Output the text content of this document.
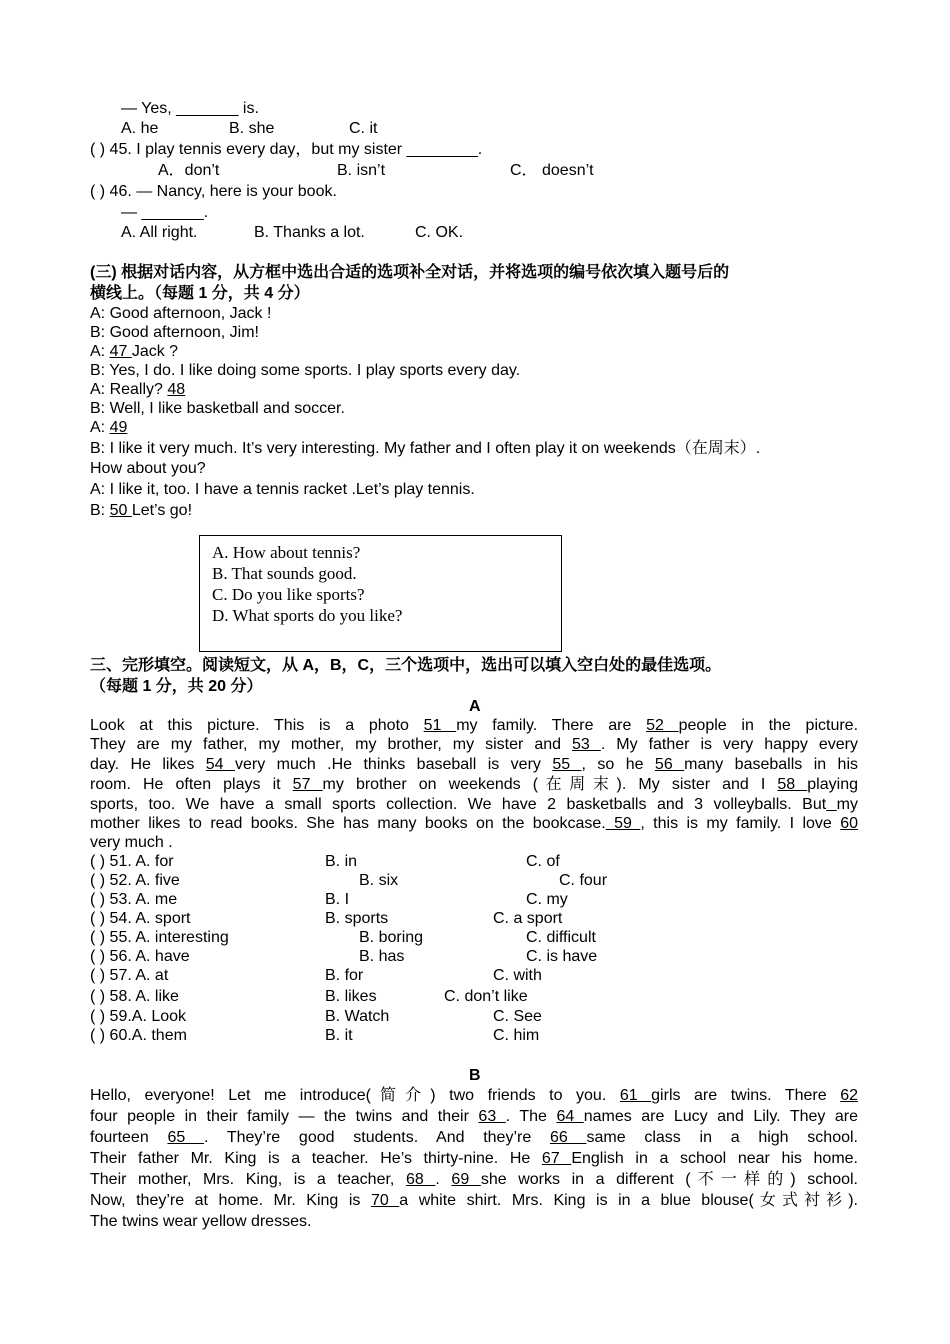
— Yes, _______ is.
A. he	B. she	C. it
( ) 45. I play tennis every day，but my sister ________.
A．don’t	B. isn’t	C． doesn’t
( ) 46. — Nancy, here is your book.
— _______.
A. All right.	B. Thanks a lot.	C. OK.
(三) 根据对话内容，从方框中选出合适的选项补全对话，并将选项的编号依次填入题号后的
横线上。（每题 1 分，共 4 分）
A: Good afternoon, Jack !
B: Good afternoon, Jim!
A: 47 Jack ?
B: Yes, I do. I like doing some sports. I play sports every day.
A: Really? 48
B: Well, I like basketball and soccer.
A: 49
B: I like it very much. It’s very interesting. My father and I often play it on weekends（在周末）.
How about you?
A: I like it, too. I have a tennis racket .Let’s play tennis.
B: 50 Let’s go!
A. How about tennis?
B. That sounds good.
C. Do you like sports?
D. What sports do you like?
三、完形填空。阅读短文，从 A，B，C，三个选项中，选出可以填入空白处的最佳选项。
（每题 1 分，共 20 分）
A
Look at this picture. This is a photo 51 my family. There are 52 people in the picture.
They are my father, my mother, my brother, my sister and 53 . My father is very happy every
day. He likes 54 very much .He thinks baseball is very 55 , so he 56 many baseballs in his
room. He often plays it 57 my brother on weekends (在周末). My sister and I 58 playing
sports, too. We have a small sports collection. We have 2 basketballs and 3 volleyballs. But my
mother likes to read books. She has many books on the bookcase. 59 , this is my family. I love 60
very much .
( ) 51. A. for	B. in	C. of
( ) 52. A. five	B. six	C. four
( ) 53. A. me	B. I	C. my
( ) 54. A. sport	B. sports	C. a sport
( ) 55. A. interesting	B. boring	C. difficult
( ) 56. A. have	B. has	C. is have
( ) 57. A. at	B. for	C. with
( ) 58. A. like	B. likes	C. don’t like
( ) 59.A. Look	B. Watch	C. See
( ) 60.A. them	B. it	C. him
B
Hello, everyone! Let me introduce(简介) two friends to you. 61 girls are twins. There 62
four people in their family — the twins and their 63 . The 64 names are Lucy and Lily. They are
fourteen 65 . They’re good students. And they’re 66 same class in a high school.
Their father Mr. King is a teacher. He’s thirty-nine. He 67 English in a school near his home.
Their mother, Mrs. King, is a teacher, 68 . 69 she works in a different (不一样的) school.
Now, they’re at home. Mr. King is 70 a white shirt. Mrs. King is in a blue blouse(女式衬衫).
The twins wear yellow dresses.
